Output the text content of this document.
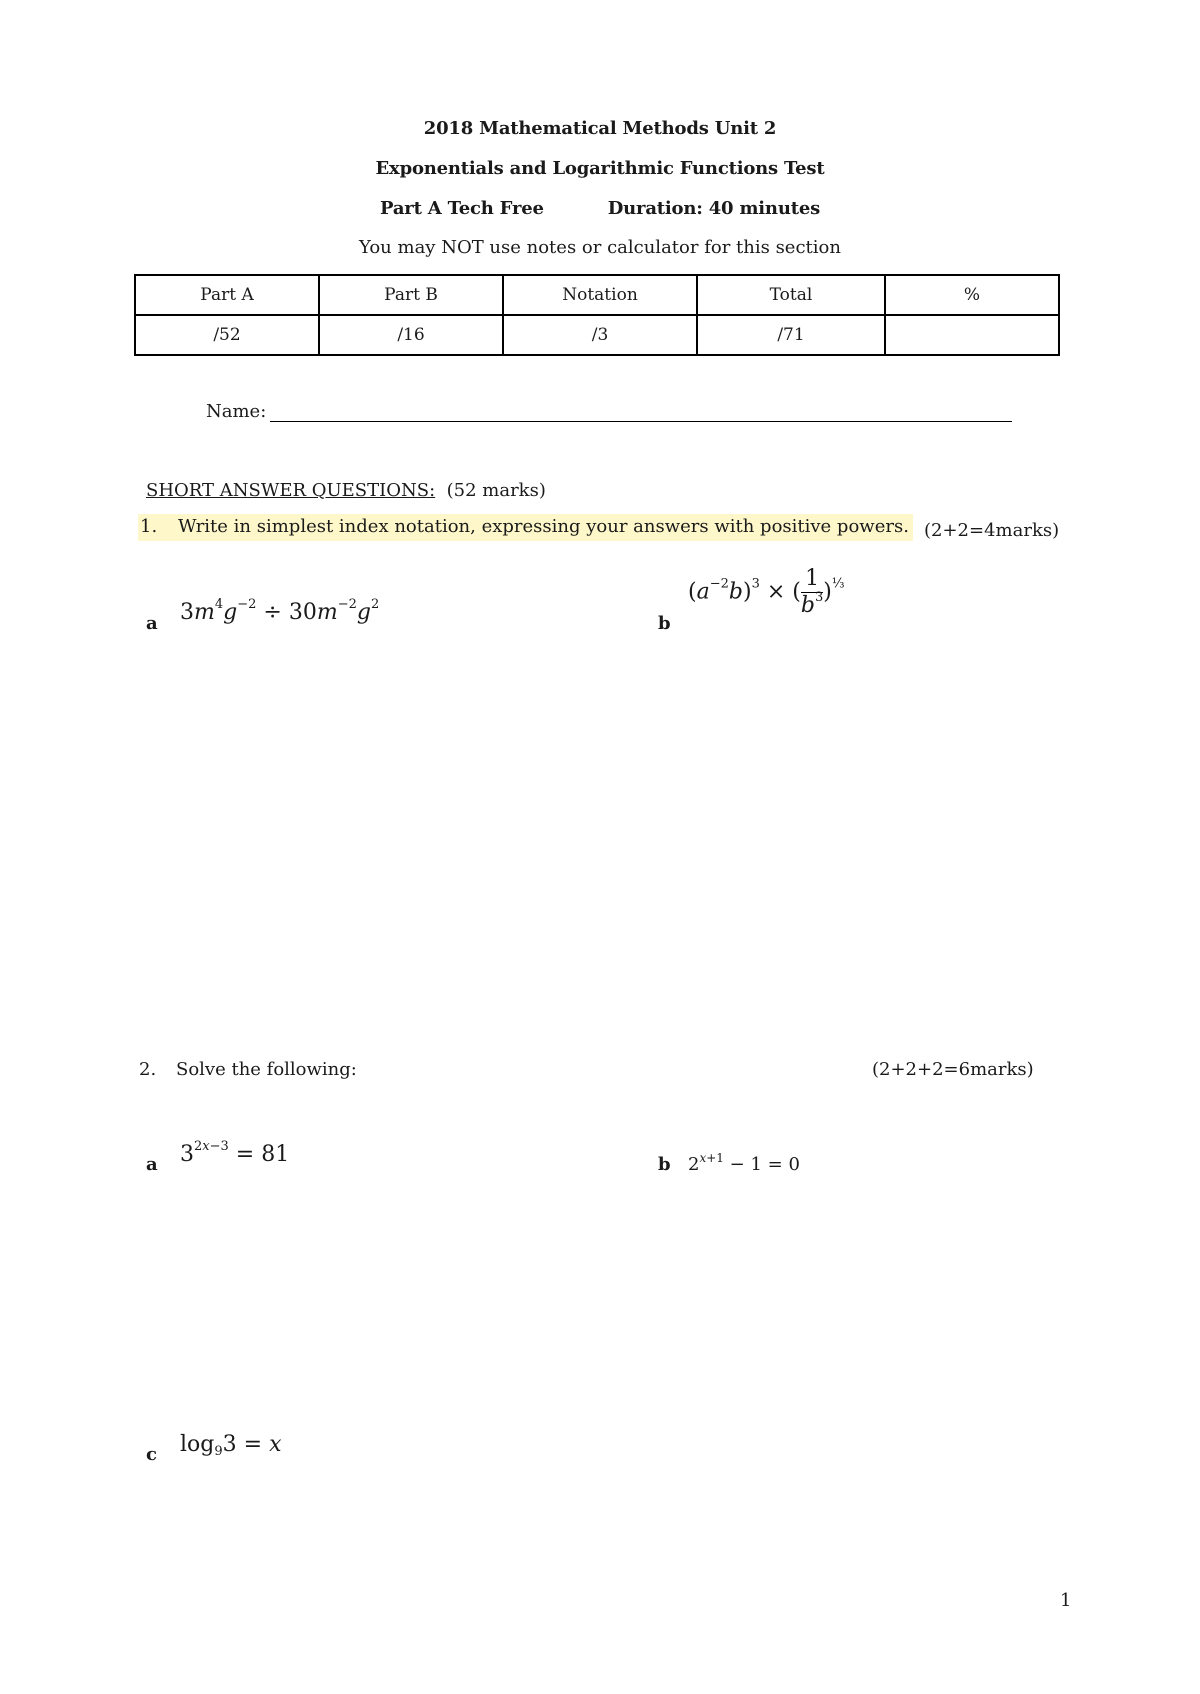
2018 Mathematical Methods Unit 2
Exponentials and Logarithmic Functions Test
Part A Tech Free	Duration: 40 minutes
You may NOT use notes or calculator for this section
Part A	Part B	Notation	Total	%
/52	/16	/3	/71	
Name:
SHORT ANSWER QUESTIONS: (52 marks)
1. Write in simplest index notation, expressing your answers with positive powers. (2+2=4marks)
a $3m^4g^{-2} \div 30m^{-2}g^2$
b
$(a^{-2}b)^3$ × ( $\frac{1}{b^3} )^{\frac{1}{3}}$
2. Solve the following:	(2+2+2=6marks)
a $3^{2x-3} = 81$	b $2^{x+1} - 1 = 0$
c $\log_93 = x$
1
